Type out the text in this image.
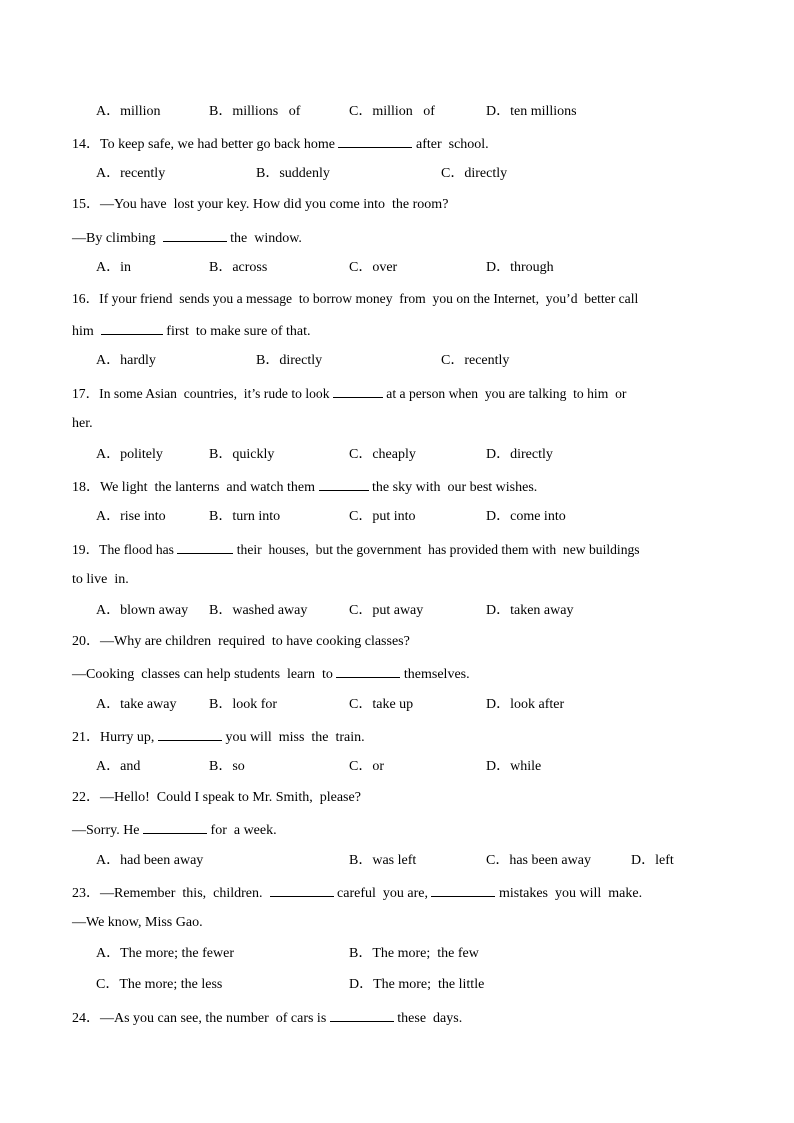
A．million	B．millions   of	C．million   of	D．ten millions
14．To keep safe, we had better go back home	after  school.
A．recently	B．suddenly	C．directly
15．—You have  lost your key. How did you come into  the room?
—By climbing	the  window.
A．in	B．across	C．over	D．through
16．If your friend  sends you a message  to borrow money  from  you on the Internet,  you’d  better call
him	first  to make sure of that.
A．hardly	B．directly	C．recently
17．In some Asian  countries,  it’s rude to look	at a person when  you are talking  to him  or
her.
A．politely	B．quickly	C．cheaply	D．directly
18．We light  the lanterns  and watch them	the sky with  our best wishes.
A．rise into	B．turn into	C．put into	D．come into
19．The flood has	their  houses,  but the government  has provided them with  new buildings
to live  in.
A．blown away B．washed away	C．put away	D．taken away
20．—Why are children  required  to have cooking classes?
—Cooking  classes can help students  learn  to	themselves.
A．take away B．look for	C．take up	D．look after
21．Hurry up,	you will  miss  the  train.
A．and	B．so	C．or	D．while
22．—Hello!  Could I speak to Mr. Smith,  please?
—Sorry. He	for  a week.
A．had been away	B．was left	C．has been away	D．left
23．—Remember  this,  children.	careful  you are,	mistakes  you will  make.
—We know, Miss Gao.
A．The more; the fewer	B．The more;  the few
C．The more; the less	D．The more;  the little
24．—As you can see, the number  of cars is	these  days.
